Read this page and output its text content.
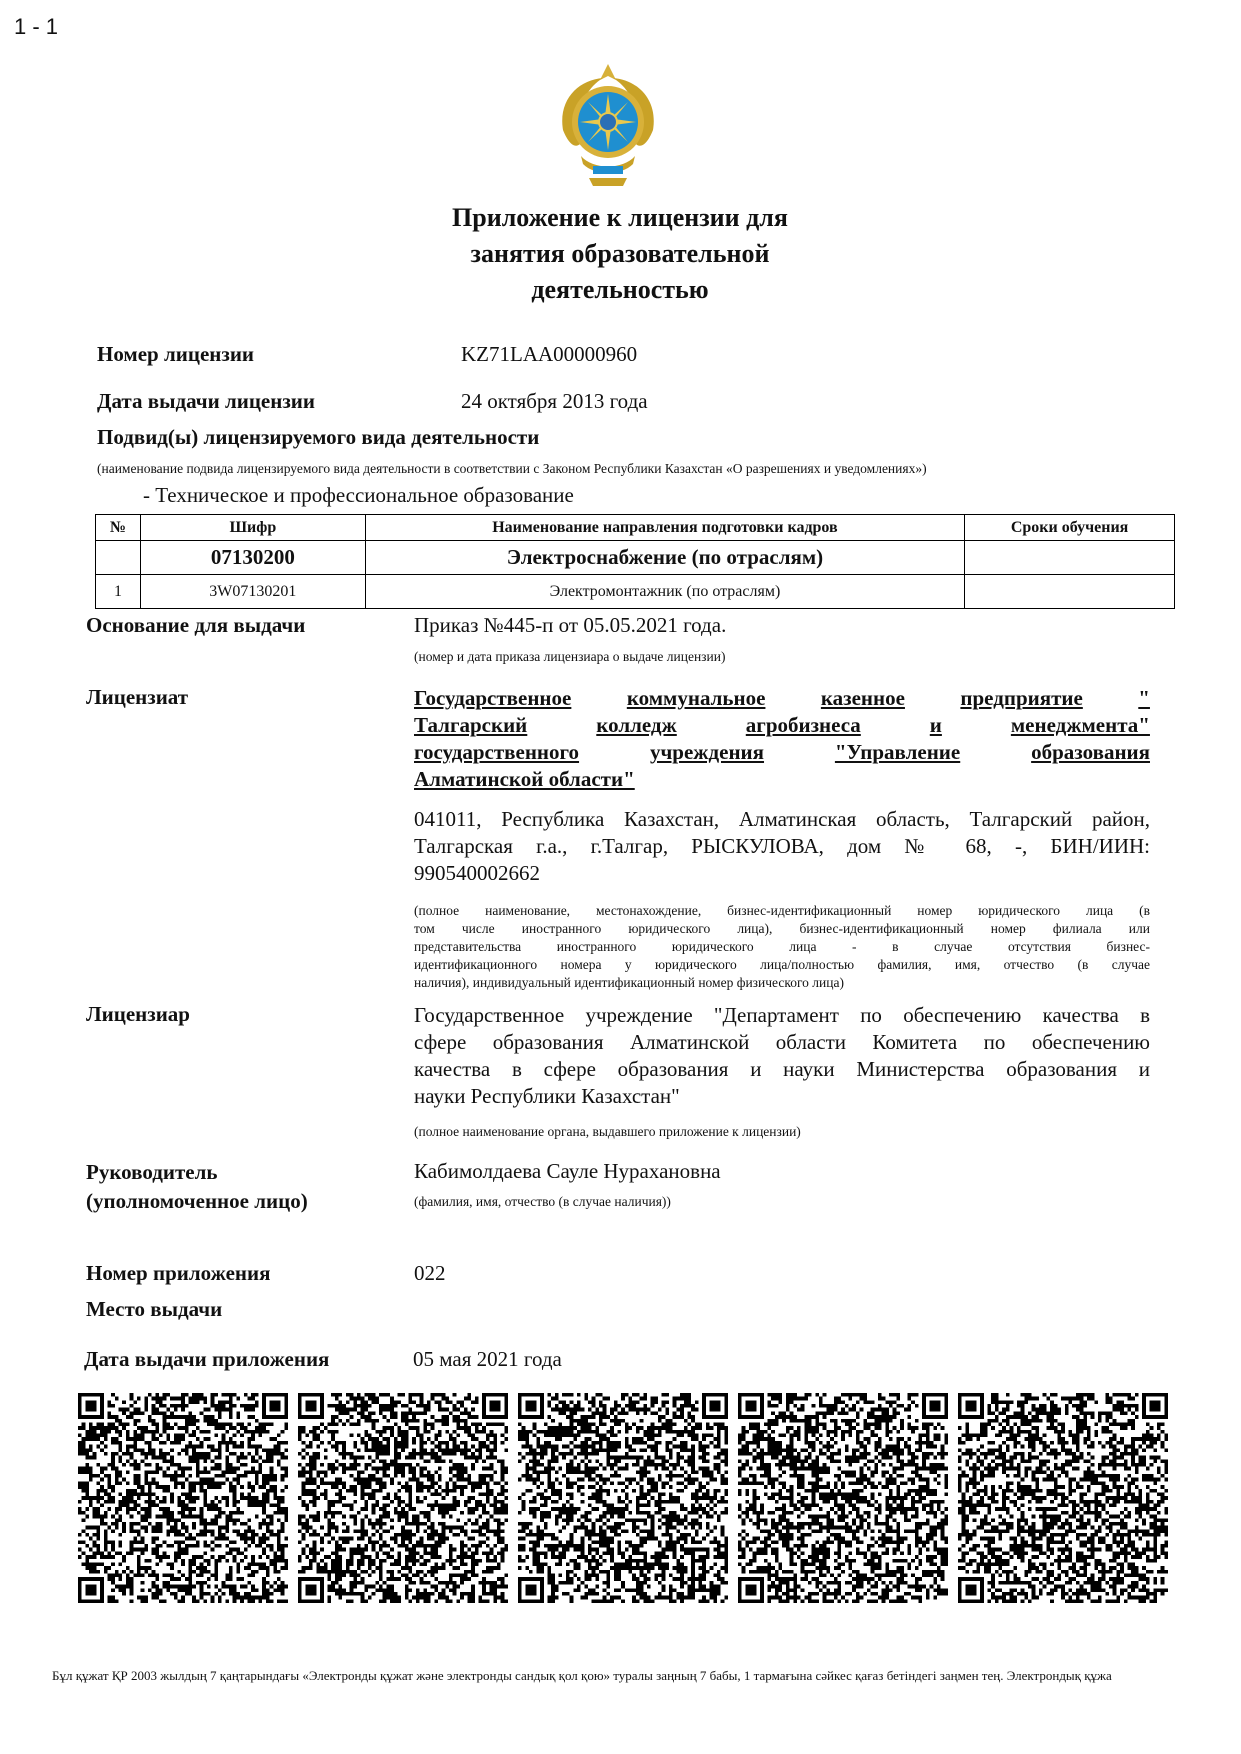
1 - 1
Приложение к лицензии для
занятия образовательной
деятельностью
Номер лицензии	KZ71LAA00000960
Дата выдачи лицензии	24 октября 2013 года
Подвид(ы) лицензируемого вида деятельности
(наименование подвида лицензируемого вида деятельности в соответствии с Законом Республики Казахстан «О разрешениях и уведомлениях»)
- Техническое и профессиональное образование
№	Шифр	Наименование направления подготовки кадров	Сроки обучения
	07130200	Электроснабжение (по отраслям)	
1	3W07130201	Электромонтажник (по отраслям)	
Основание для выдачи	Приказ №445-п от 05.05.2021 года.
(номер и дата приказа лицензиара о выдаче лицензии)
Лицензиат	Государственное	коммунальное	казенное	предприятие	"
Талгарский	колледж	агробизнеса	и	менеджмента"
государственного	учреждения	"Управление	образования
Алматинской области"
041011, Республика Казахстан, Алматинская область, Талгарский район,
Талгарская г.а., г.Талгар, РЫСКУЛОВА, дом № 68, -, БИН/ИИН:
990540002662
(полное наименование, местонахождение, бизнес-идентификационный номер юридического лица (в
том числе иностранного юридического лица), бизнес-идентификационный номер филиала или
представительства иностранного юридического лица - в случае отсутствия бизнес-
идентификационного номера у юридического лица/полностью фамилия, имя, отчество (в случае
наличия), индивидуальный идентификационный номер физического лица)
Лицензиар	Государственное учреждение "Департамент по обеспечению качества в
сфере образования Алматинской области Комитета по обеспечению
качества в сфере образования и науки Министерства образования и
науки Республики Казахстан"
(полное наименование органа, выдавшего приложение к лицензии)
Руководитель
(уполномоченное лицо)
Кабимолдаева Сауле Нурахановна
(фамилия, имя, отчество (в случае наличия))
Номер приложения	022
Место выдачи
Дата выдачи приложения	05 мая 2021 года
Бұл құжат ҚР 2003 жылдың 7 қаңтарындағы «Электронды құжат және электронды сандық қол қою» туралы заңның 7 бабы, 1 тармағына сәйкес қағаз бетіндегі заңмен тең. Электрондық құжа
